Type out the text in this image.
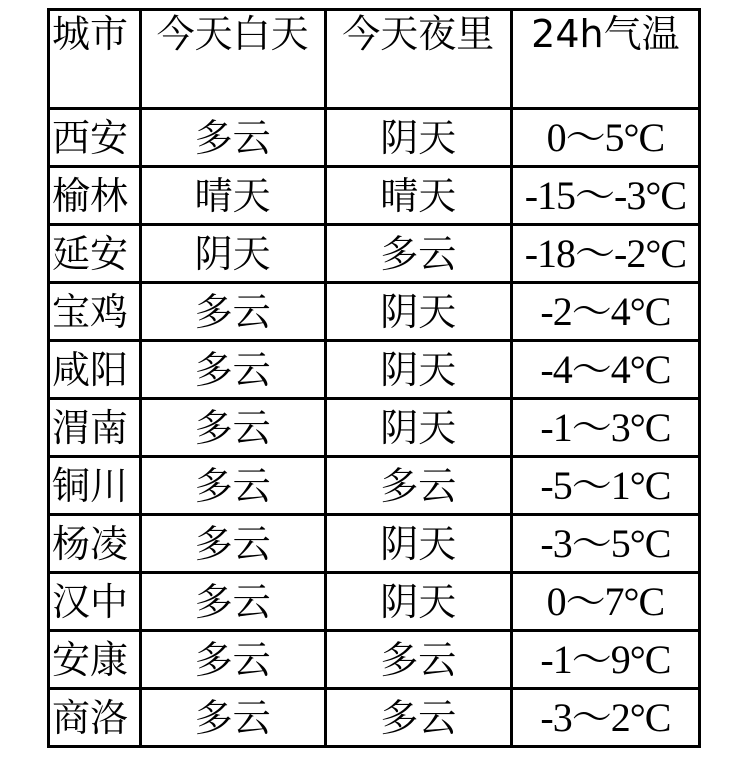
城市	今天白天	今天夜里	24h气温
西安	多云	阴天	0～5°C
榆林	晴天	晴天	-15～-3°C
延安	阴天	多云	-18～-2°C
宝鸡	多云	阴天	-2～4°C
咸阳	多云	阴天	-4～4°C
渭南	多云	阴天	-1～3°C
铜川	多云	多云	-5～1°C
杨凌	多云	阴天	-3～5°C
汉中	多云	阴天	0～7°C
安康	多云	多云	-1～9°C
商洛	多云	多云	-3～2°C
